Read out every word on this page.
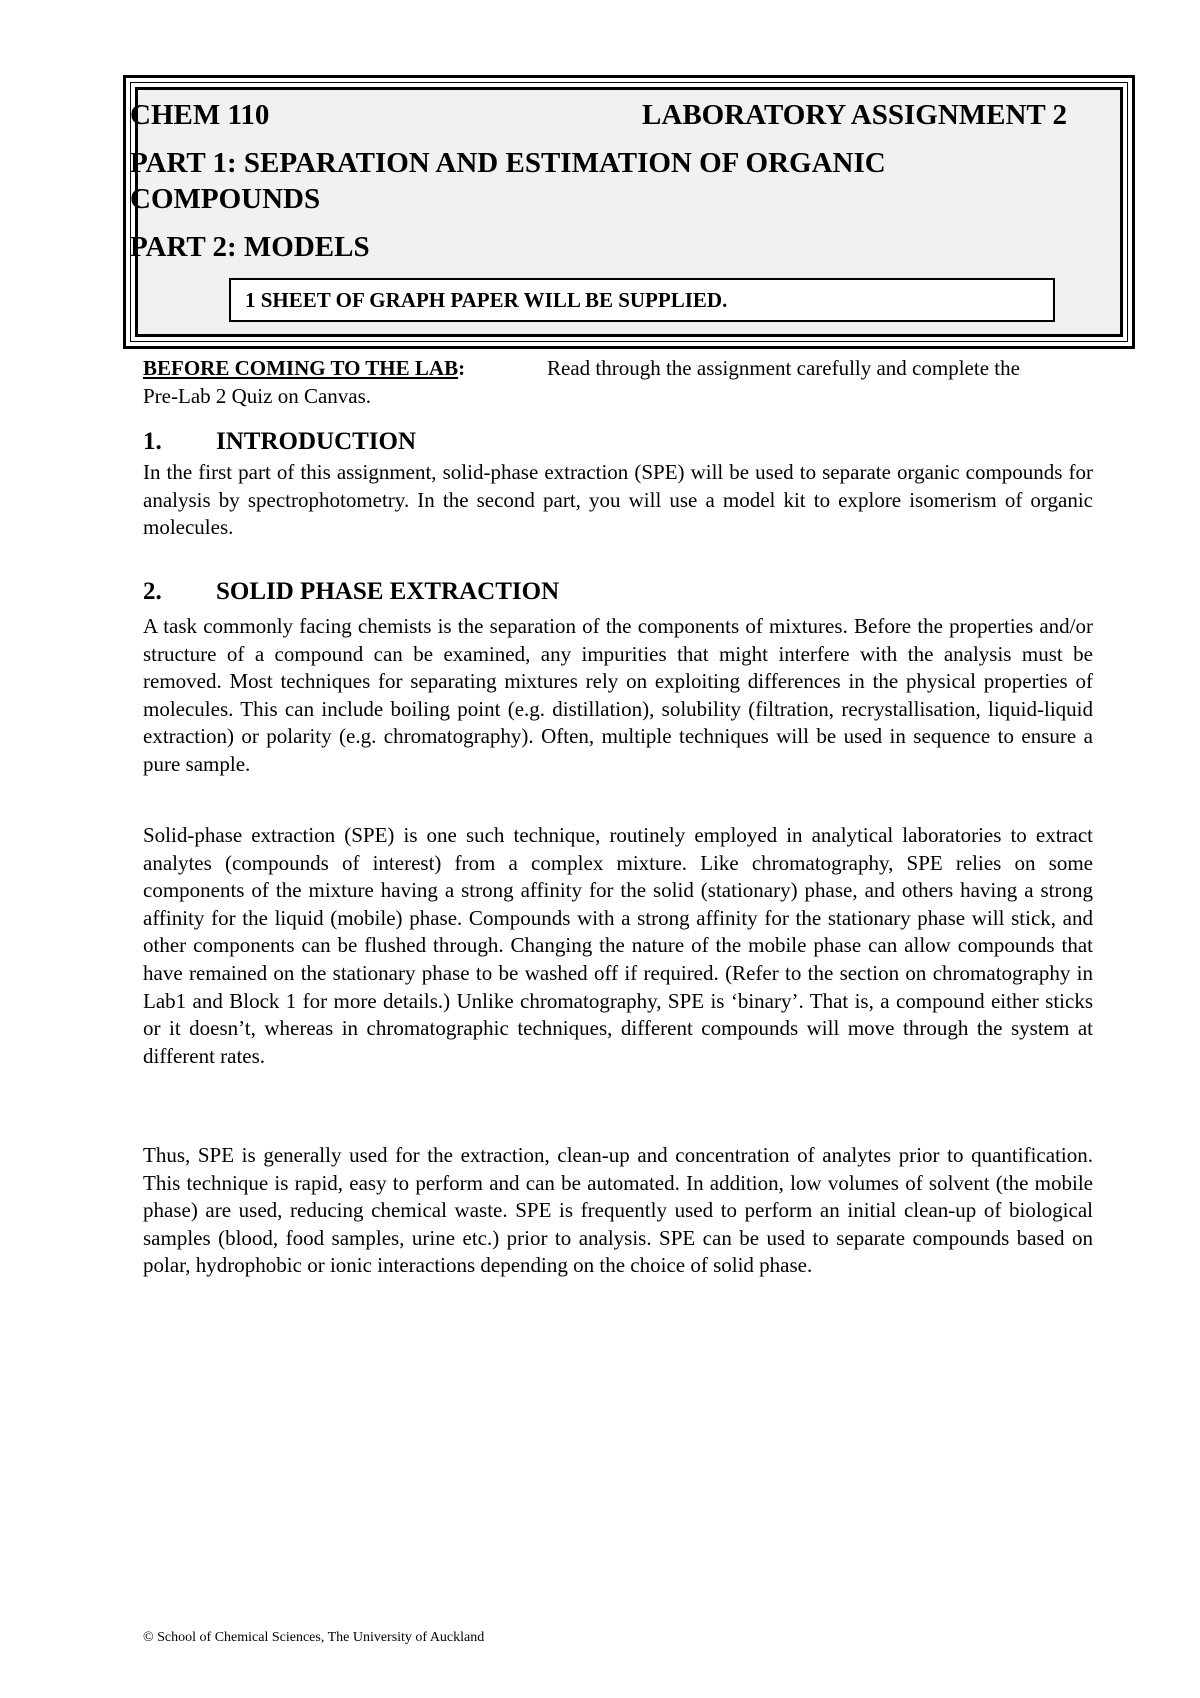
CHEM 110	LABORATORY ASSIGNMENT 2
PART 1: SEPARATION AND ESTIMATION OF ORGANIC
COMPOUNDS
PART 2: MODELS
1 SHEET OF GRAPH PAPER WILL BE SUPPLIED.
BEFORE COMING TO THE LAB:	Read through the assignment carefully and complete the
Pre-Lab 2 Quiz on Canvas.
1. INTRODUCTION
In the first part of this assignment, solid-phase extraction (SPE) will be used to separate organic compounds for analysis by spectrophotometry. In the second part, you will use a model kit to explore isomerism of organic molecules.
2. SOLID PHASE EXTRACTION
A task commonly facing chemists is the separation of the components of mixtures. Before the properties and/or structure of a compound can be examined, any impurities that might interfere with the analysis must be removed. Most techniques for separating mixtures rely on exploiting differences in the physical properties of molecules. This can include boiling point (e.g. distillation), solubility (filtration, recrystallisation, liquid-liquid extraction) or polarity (e.g. chromatography). Often, multiple techniques will be used in sequence to ensure a pure sample.
Solid-phase extraction (SPE) is one such technique, routinely employed in analytical laboratories to extract analytes (compounds of interest) from a complex mixture. Like chromatography, SPE relies on some components of the mixture having a strong affinity for the solid (stationary) phase, and others having a strong affinity for the liquid (mobile) phase. Compounds with a strong affinity for the stationary phase will stick, and other components can be flushed through. Changing the nature of the mobile phase can allow compounds that have remained on the stationary phase to be washed off if required. (Refer to the section on chromatography in Lab1 and Block 1 for more details.) Unlike chromatography, SPE is ‘binary’. That is, a compound either sticks or it doesn’t, whereas in chromatographic techniques, different compounds will move through the system at different rates.
Thus, SPE is generally used for the extraction, clean-up and concentration of analytes prior to quantification. This technique is rapid, easy to perform and can be automated. In addition, low volumes of solvent (the mobile phase) are used, reducing chemical waste. SPE is frequently used to perform an initial clean-up of biological samples (blood, food samples, urine etc.) prior to analysis. SPE can be used to separate compounds based on polar, hydrophobic or ionic interactions depending on the choice of solid phase.
© School of Chemical Sciences, The University of Auckland
